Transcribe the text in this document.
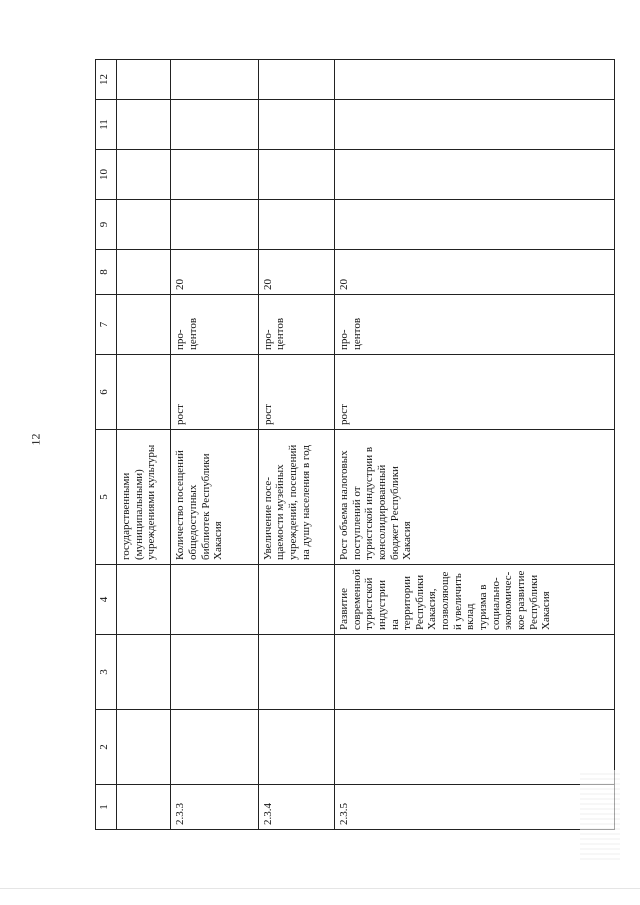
12
1	2	3	4	5	6	7	8	9	10	11	12
				государственными (муниципальными) учреждениями культуры							
2.3.3				Количество посещений общедоступных библиотек Республики Хакасия	рост	про-центов	20				
2.3.4				Увеличение посе-щаемости музейных учреждений, посещений на душу населения в год	рост	про-центов	20				
2.3.5			Развитие современной туристской индустрии на территории Республики Хакасия, позволяющей увеличить вклад туризма в социально-экономичес-кое развитие Республики Хакасия	Рост объема налоговых поступлений от туристской индустрии в консолидированный бюджет Республики Хакасия	рост	про-центов	20				
